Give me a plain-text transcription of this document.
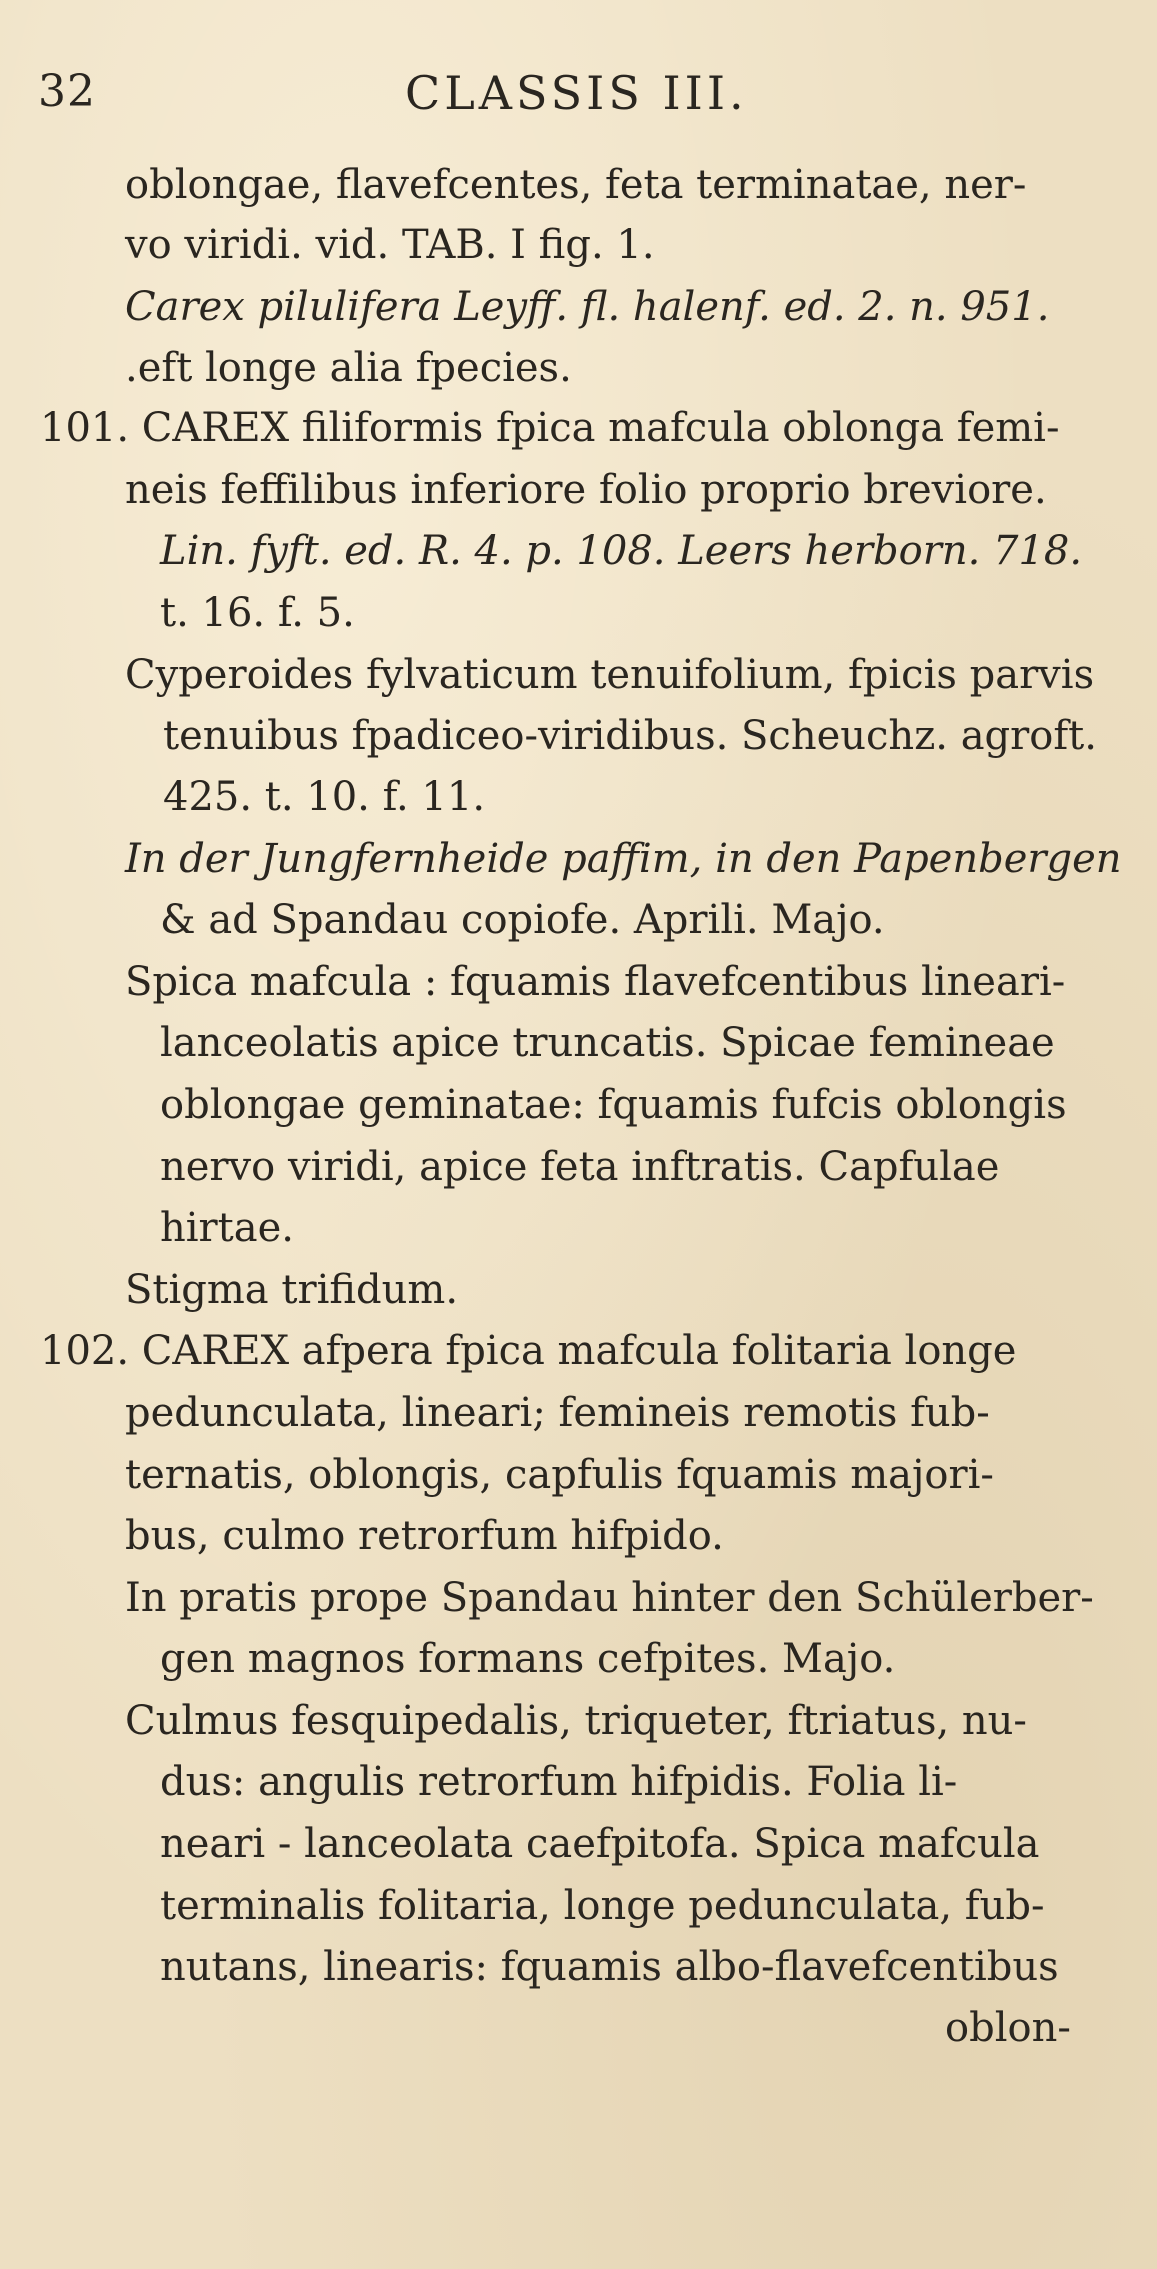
32	CLASSIS III.
oblongae, flavefcentes, feta terminatae, ner-
vo viridi. vid. TAB. I fig. 1.
Carex pilulifera Leyff. fl. halenf. ed. 2. n. 951.
.eft longe alia fpecies.
101. CAREX filiformis fpica mafcula oblonga femi-
neis feffilibus inferiore folio proprio breviore.
Lin. fyft. ed. R. 4. p. 108. Leers herborn. 718.
t. 16. f. 5.
Cyperoides fylvaticum tenuifolium, fpicis parvis
tenuibus fpadiceo-viridibus. Scheuchz. agroft.
425. t. 10. f. 11.
In der Jungfernheide paffim, in den Papenbergen
& ad Spandau copiofe. Aprili. Majo.
Spica mafcula : fquamis flavefcentibus lineari-
lanceolatis apice truncatis. Spicae femineae
oblongae geminatae: fquamis fufcis oblongis
nervo viridi, apice feta inftratis. Capfulae
hirtae.
Stigma trifidum.
102. CAREX afpera fpica mafcula folitaria longe
pedunculata, lineari; femineis remotis fub-
ternatis, oblongis, capfulis fquamis majori-
bus, culmo retrorfum hifpido.
In pratis prope Spandau hinter den Schülerber-
gen magnos formans cefpites. Majo.
Culmus fesquipedalis, triqueter, ftriatus, nu-
dus: angulis retrorfum hifpidis. Folia li-
neari - lanceolata caefpitofa. Spica mafcula
terminalis folitaria, longe pedunculata, fub-
nutans, linearis: fquamis albo-flavefcentibus
oblon-
